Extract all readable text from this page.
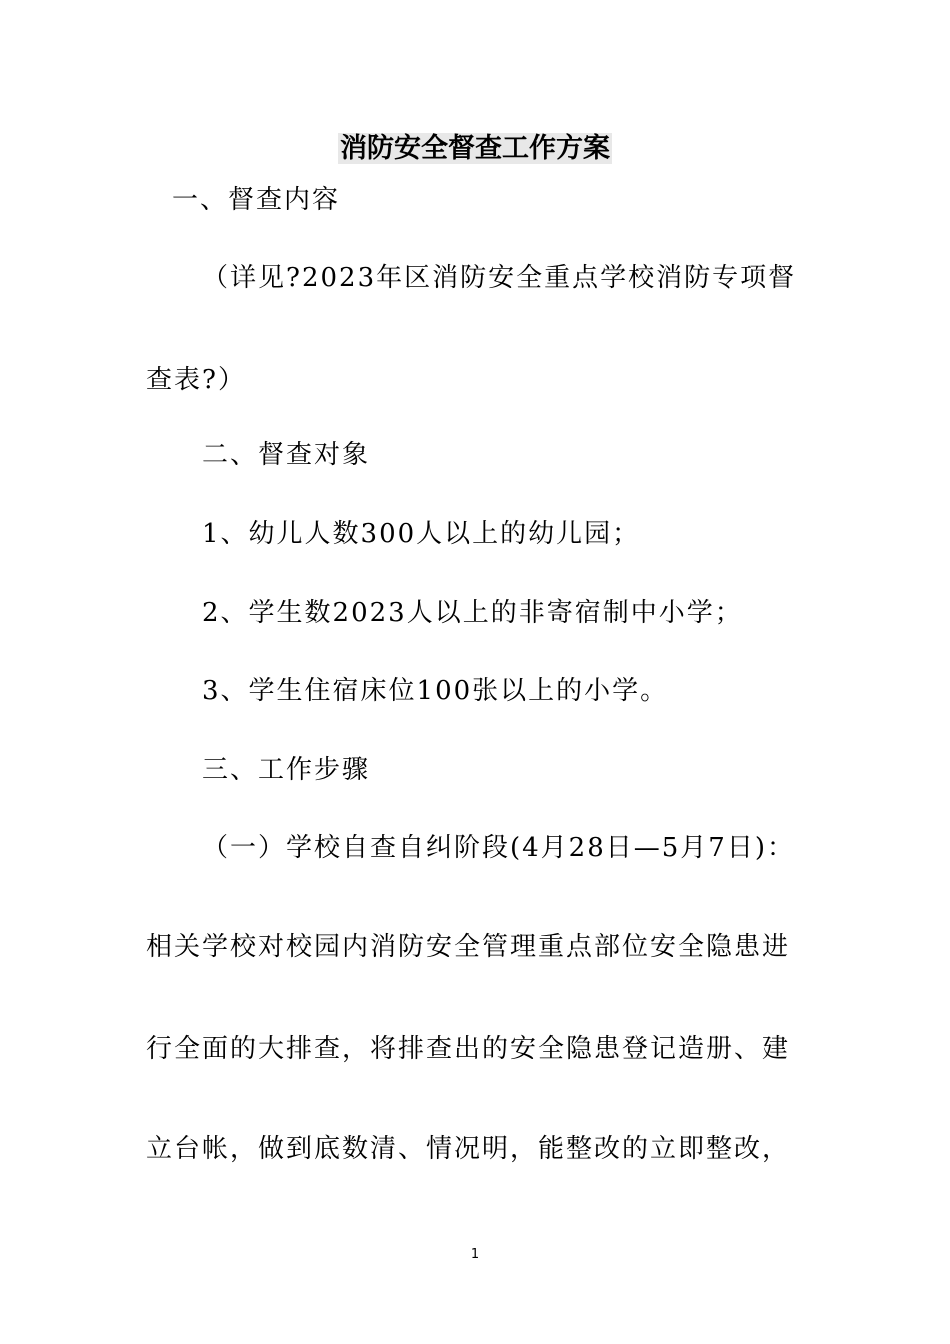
消防安全督查工作方案
一、督查内容
（详见?2023年区消防安全重点学校消防专项督
查表?）
二、督查对象
1、幼儿人数300人以上的幼儿园；
2、学生数2023人以上的非寄宿制中小学；
3、学生住宿床位100张以上的小学。
三、工作步骤
（一）学校自查自纠阶段(4月28日—5月7日)：
相关学校对校园内消防安全管理重点部位安全隐患进
行全面的大排查，将排查出的安全隐患登记造册、建
立台帐，做到底数清、情况明，能整改的立即整改，
1
